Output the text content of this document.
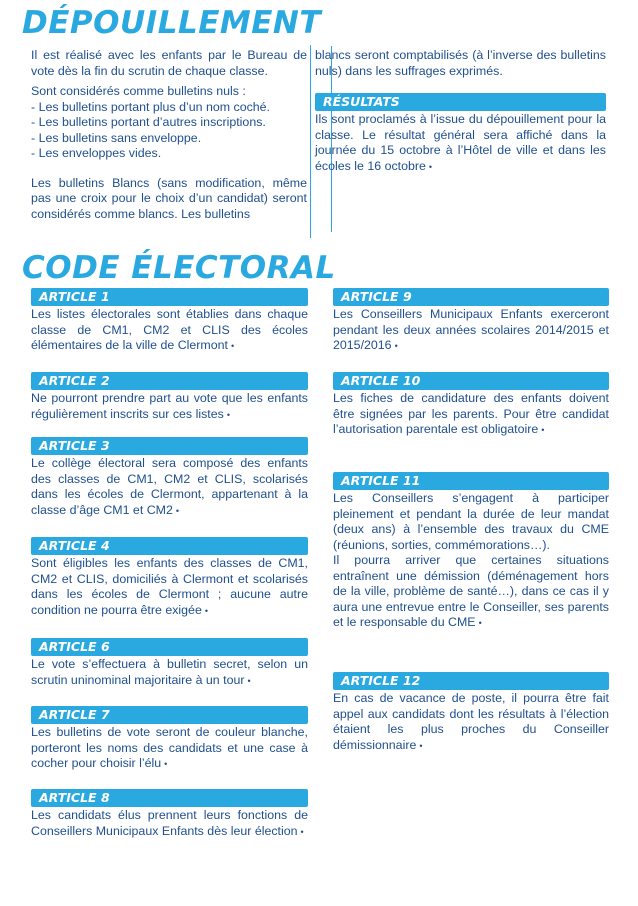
DÉPOUILLEMENT

Il est réalisé avec les enfants par le Bureau de vote dès la fin du scrutin de chaque classe.

Sont considérés comme bulletins nuls :

- Les bulletins portant plus d’un nom coché.

- Les bulletins portant d’autres inscriptions.

- Les bulletins sans enveloppe.

- Les enveloppes vides.

Les bulletins Blancs (sans modification, même pas une croix pour le choix d’un candidat) seront considérés comme blancs. Les bulletins

blancs seront comptabilisés (à l’inverse des bulletins nuls) dans les suffrages exprimés.

RÉSULTATS

Ils sont proclamés à l’issue du dépouillement pour la classe. Le résultat général sera affiché dans la journée du 15 octobre à l’Hôtel de ville et dans les écoles le 16 octobre •

CODE ÉLECTORAL
ARTICLE 1

Les listes électorales sont établies dans chaque classe de CM1, CM2 et CLIS des écoles élémentaires de la ville de Clermont •

ARTICLE 2

Ne pourront prendre part au vote que les enfants régulièrement inscrits sur ces listes •

ARTICLE 3

Le collège électoral sera composé des enfants des classes de CM1, CM2 et CLIS, scolarisés dans les écoles de Clermont, appartenant à la classe d’âge CM1 et CM2 •

ARTICLE 4

Sont éligibles les enfants des classes de CM1, CM2 et CLIS, domiciliés à Clermont et scolarisés dans les écoles de Clermont ; aucune autre condition ne pourra être exigée •

ARTICLE 6

Le vote s’effectuera à bulletin secret, selon un scrutin uninominal majoritaire à un tour •

ARTICLE 7

Les bulletins de vote seront de couleur blanche, porteront les noms des candidats et une case à cocher pour choisir l’élu •

ARTICLE 8

Les candidats élus prennent leurs fonctions de Conseillers Municipaux Enfants dès leur élection •

ARTICLE 9

Les Conseillers Municipaux Enfants exerceront pendant les deux années scolaires 2014/2015 et 2015/2016 •

ARTICLE 10

Les fiches de candidature des enfants doivent être signées par les parents. Pour être candidat l’autorisation parentale est obligatoire •

ARTICLE 11

Les Conseillers s’engagent à participer pleinement et pendant la durée de leur mandat (deux ans) à l’ensemble des travaux du CME (réunions, sorties, commémorations…).

Il pourra arriver que certaines situations entraînent une démission (déménagement hors de la ville, problème de santé…), dans ce cas il y aura une entrevue entre le Conseiller, ses parents et le responsable du CME •

ARTICLE 12

En cas de vacance de poste, il pourra être fait appel aux candidats dont les résultats à l’élection étaient les plus proches du Conseiller démissionnaire •
